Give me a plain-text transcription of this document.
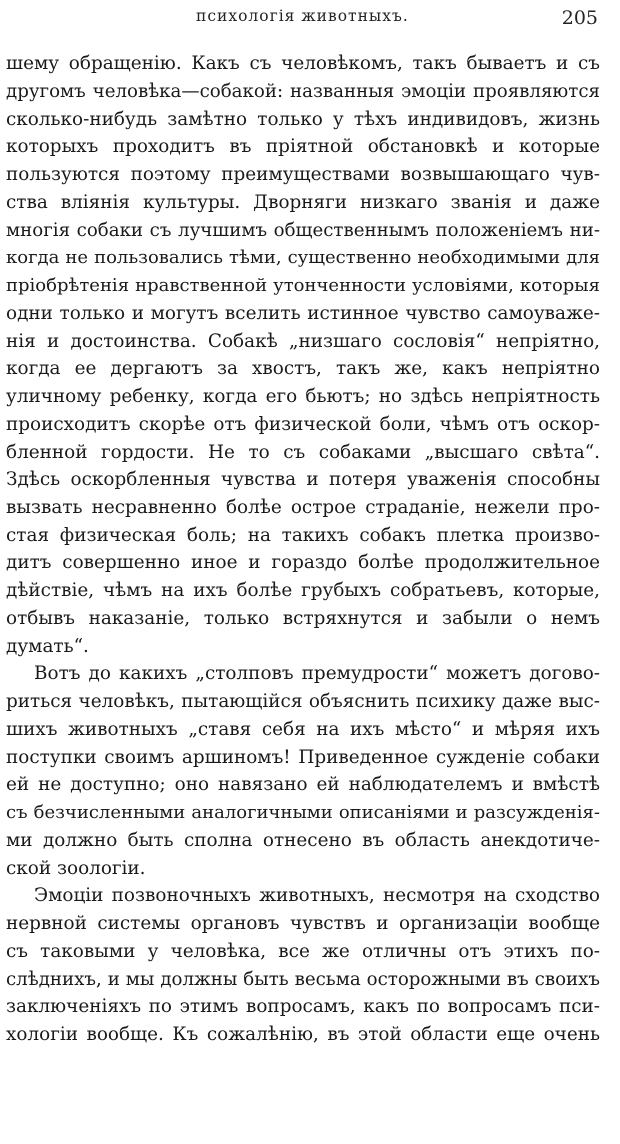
психологія животныхъ.	205
шему обращенію. Какъ съ человѣкомъ, такъ бываетъ и съ
другомъ человѣка—собакой: названныя эмоціи проявляются
сколько-нибудь замѣтно только у тѣхъ индивидовъ, жизнь
которыхъ проходитъ въ пріятной обстановкѣ и которые
пользуются поэтому преимуществами возвышающаго чув-
ства вліянія культуры. Дворняги низкаго званія и даже
многія собаки съ лучшимъ общественнымъ положеніемъ ни-
когда не пользовались тѣми, существенно необходимыми для
пріобрѣтенія нравственной утонченности условіями, которыя
одни только и могутъ вселить истинное чувство самоуваже-
нія и достоинства. Собакѣ „низшаго сословія“ непріятно,
когда ее дергаютъ за хвостъ, такъ же, какъ непріятно
уличному ребенку, когда его бьютъ; но здѣсь непріятность
происходитъ скорѣе отъ физической боли, чѣмъ отъ оскор-
бленной гордости. Не то съ собаками „высшаго свѣта“.
Здѣсь оскорбленныя чувства и потеря уваженія способны
вызвать несравненно болѣе острое страданіе, нежели про-
стая физическая боль; на такихъ собакъ плетка произво-
дитъ совершенно иное и гораздо болѣе продолжительное
дѣйствіе, чѣмъ на ихъ болѣе грубыхъ собратьевъ, которые,
отбывъ наказаніе, только встряхнутся и забыли о немъ
думать“.
Вотъ до какихъ „столповъ премудрости“ можетъ догово-
риться человѣкъ, пытающійся объяснить психику даже выс-
шихъ животныхъ „ставя себя на ихъ мѣсто“ и мѣряя ихъ
поступки своимъ аршиномъ! Приведенное сужденіе собаки
ей не доступно; оно навязано ей наблюдателемъ и вмѣстѣ
съ безчисленными аналогичными описаніями и разсужденія-
ми должно быть сполна отнесено въ область анекдотиче-
ской зоологіи.
Эмоціи позвоночныхъ животныхъ, несмотря на сходство
нервной системы органовъ чувствъ и организаціи вообще
съ таковыми у человѣка, все же отличны отъ этихъ по-
слѣднихъ, и мы должны быть весьма осторожными въ своихъ
заключеніяхъ по этимъ вопросамъ, какъ по вопросамъ пси-
хологіи вообще. Къ сожалѣнію, въ этой области еще очень
